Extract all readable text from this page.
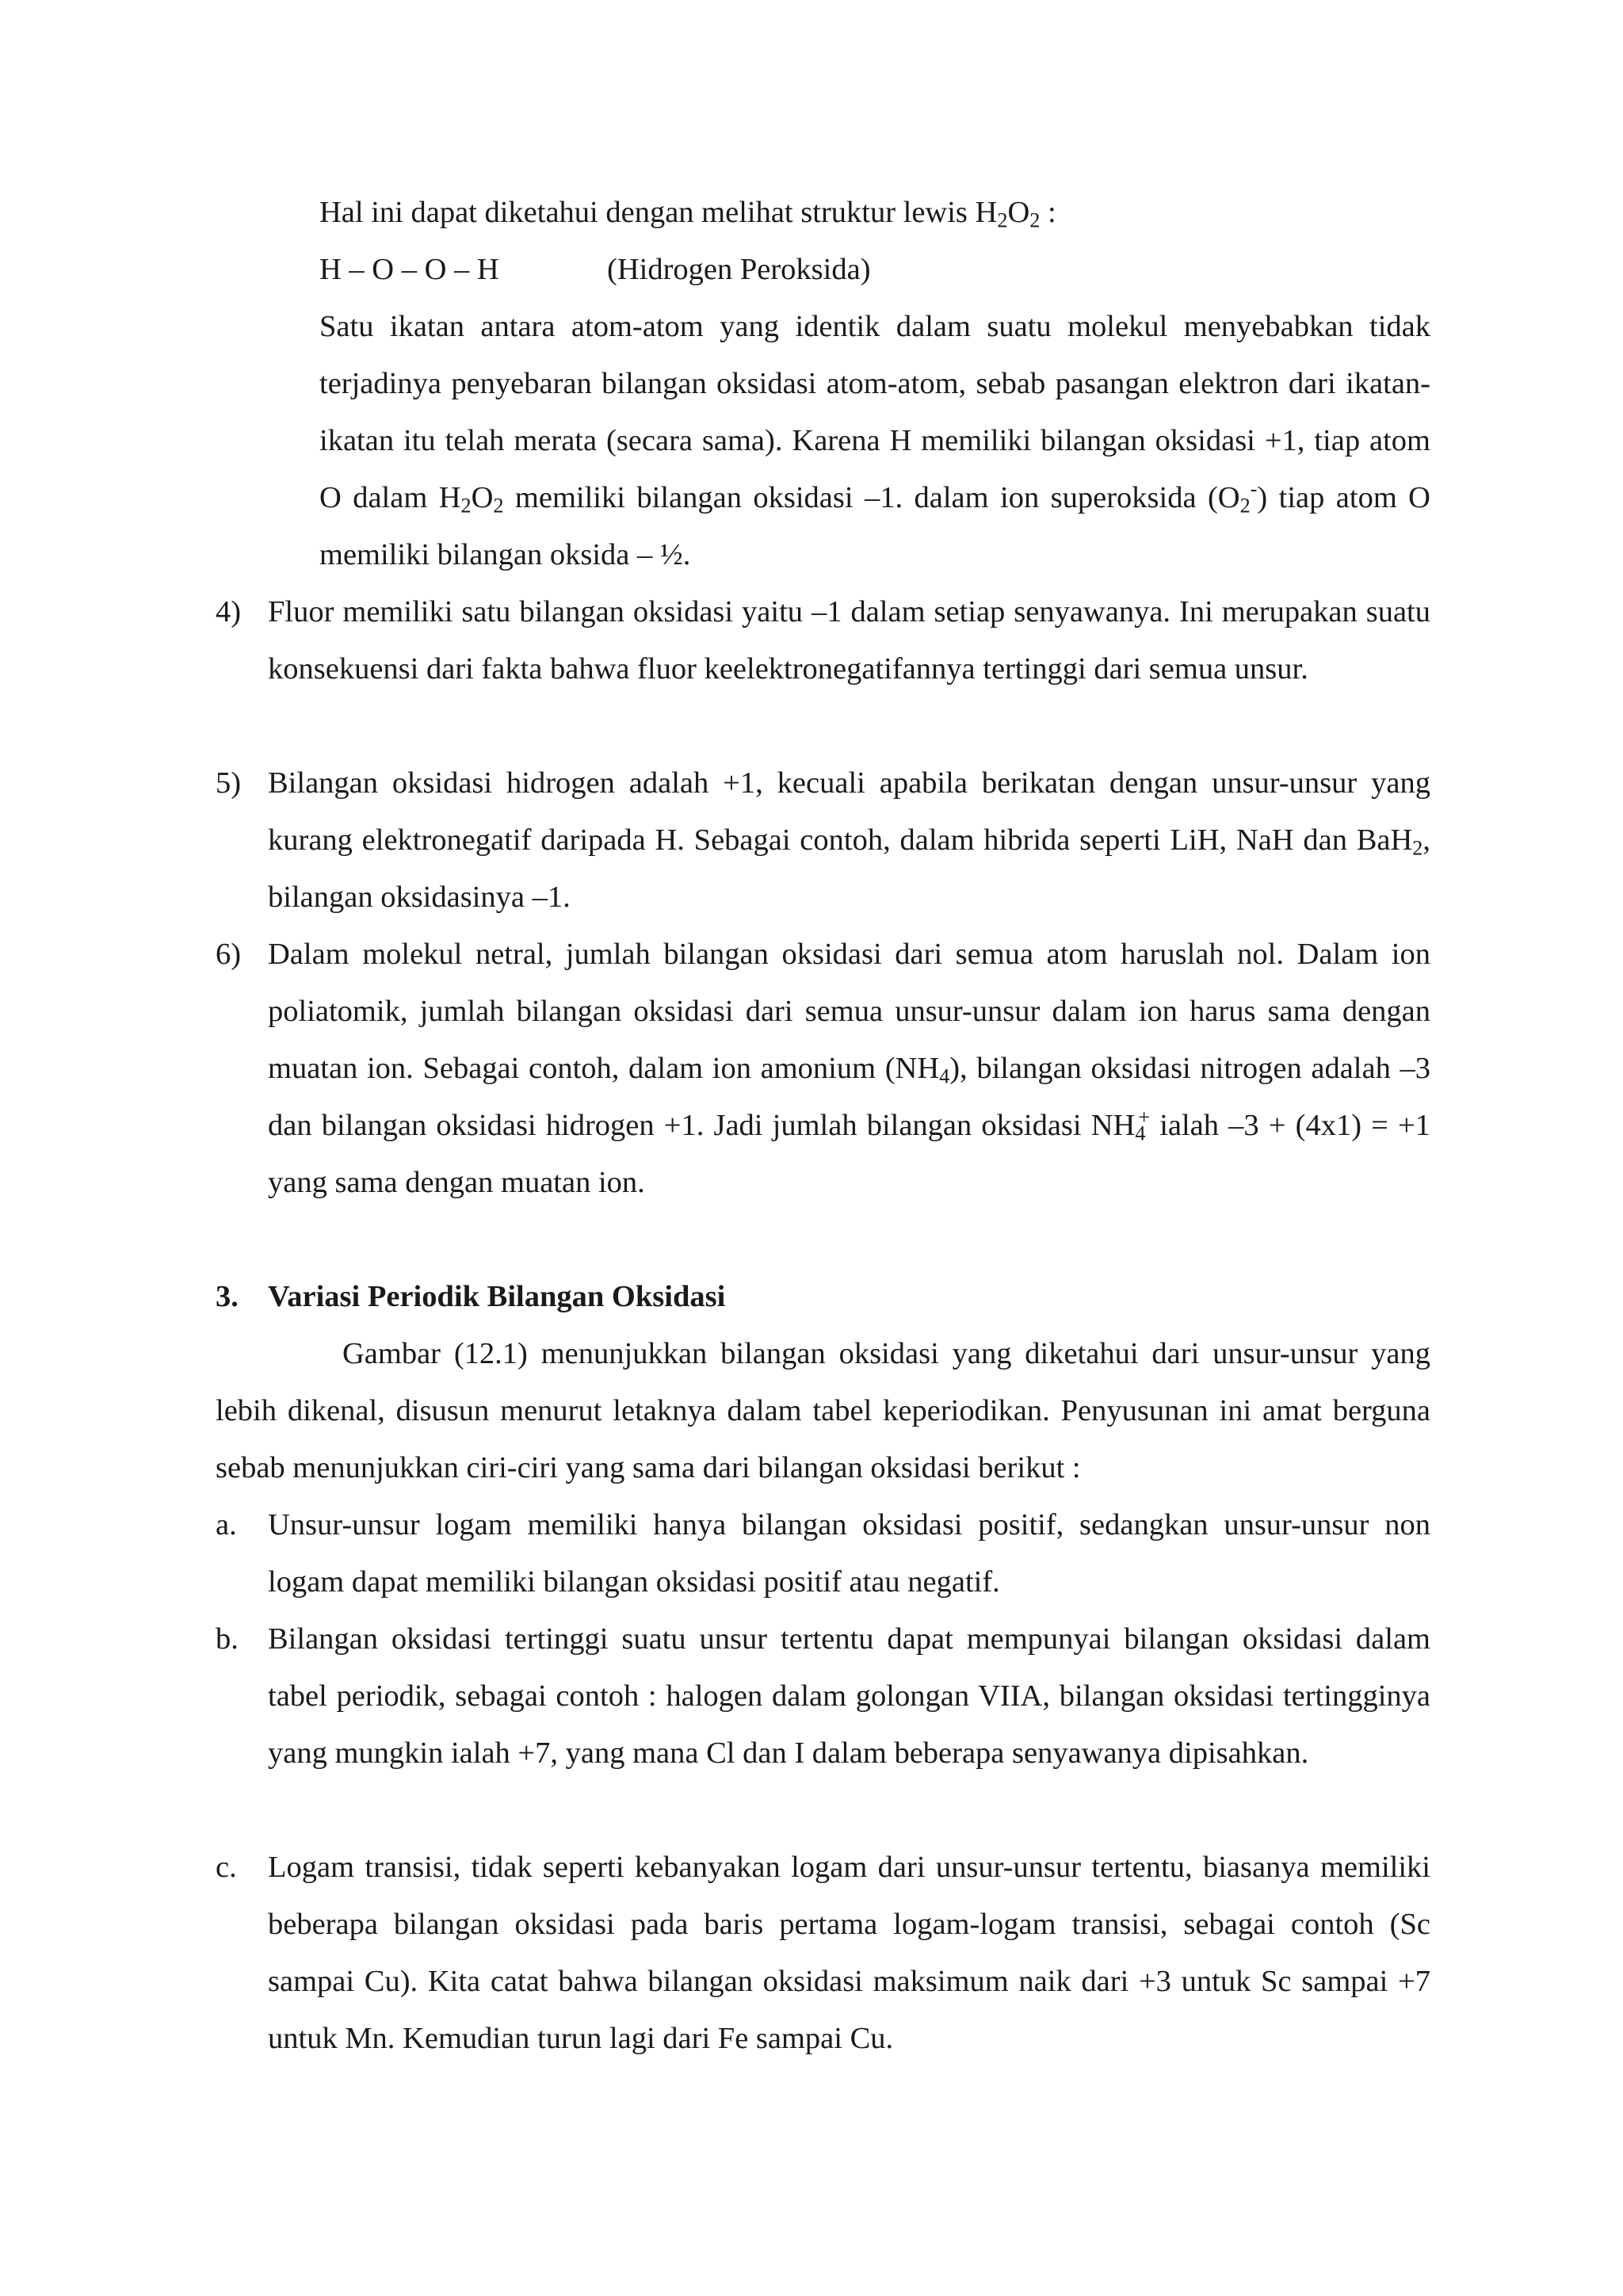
Hal ini dapat diketahui dengan melihat struktur lewis $H_2O_2$ :
H – O – O – H	(Hidrogen Peroksida)

Satu ikatan antara atom-atom yang identik dalam suatu molekul menyebabkan tidak terjadinya penyebaran bilangan oksidasi atom-atom, sebab pasangan elektron dari ikatan-ikatan itu telah merata (secara sama). Karena H memiliki bilangan oksidasi +1, tiap atom O dalam $H_2O_2$ memiliki bilangan oksidasi –1. dalam ion superoksida $(O_2^-)$ tiap atom O memiliki bilangan oksida – ½.

4) Fluor memiliki satu bilangan oksidasi yaitu –1 dalam setiap senyawanya. Ini merupakan suatu konsekuensi dari fakta bahwa fluor keelektronegatifannya tertinggi dari semua unsur.

5) Bilangan oksidasi hidrogen adalah +1, kecuali apabila berikatan dengan unsur-unsur yang kurang elektronegatif daripada H. Sebagai contoh, dalam hibrida seperti LiH, NaH dan BaH$_2$, bilangan oksidasinya –1.

6) Dalam molekul netral, jumlah bilangan oksidasi dari semua atom haruslah nol. Dalam ion poliatomik, jumlah bilangan oksidasi dari semua unsur-unsur dalam ion harus sama dengan muatan ion. Sebagai contoh, dalam ion amonium $(NH_4)$, bilangan oksidasi nitrogen adalah –3 dan bilangan oksidasi hidrogen +1. Jadi jumlah bilangan oksidasi $NH_4^+$ ialah –3 + (4x1) = +1 yang sama dengan muatan ion.

3. Variasi Periodik Bilangan Oksidasi

Gambar (12.1) menunjukkan bilangan oksidasi yang diketahui dari unsur-unsur yang lebih dikenal, disusun menurut letaknya dalam tabel keperiodikan. Penyusunan ini amat berguna sebab menunjukkan ciri-ciri yang sama dari bilangan oksidasi berikut :

a. Unsur-unsur logam memiliki hanya bilangan oksidasi positif, sedangkan unsur-unsur non logam dapat memiliki bilangan oksidasi positif atau negatif.

b. Bilangan oksidasi tertinggi suatu unsur tertentu dapat mempunyai bilangan oksidasi dalam tabel periodik, sebagai contoh : halogen dalam golongan VIIA, bilangan oksidasi tertingginya yang mungkin ialah +7, yang mana Cl dan I dalam beberapa senyawanya dipisahkan.

c. Logam transisi, tidak seperti kebanyakan logam dari unsur-unsur tertentu, biasanya memiliki beberapa bilangan oksidasi pada baris pertama logam-logam transisi, sebagai contoh (Sc sampai Cu). Kita catat bahwa bilangan oksidasi maksimum naik dari +3 untuk Sc sampai +7 untuk Mn. Kemudian turun lagi dari Fe sampai Cu.
